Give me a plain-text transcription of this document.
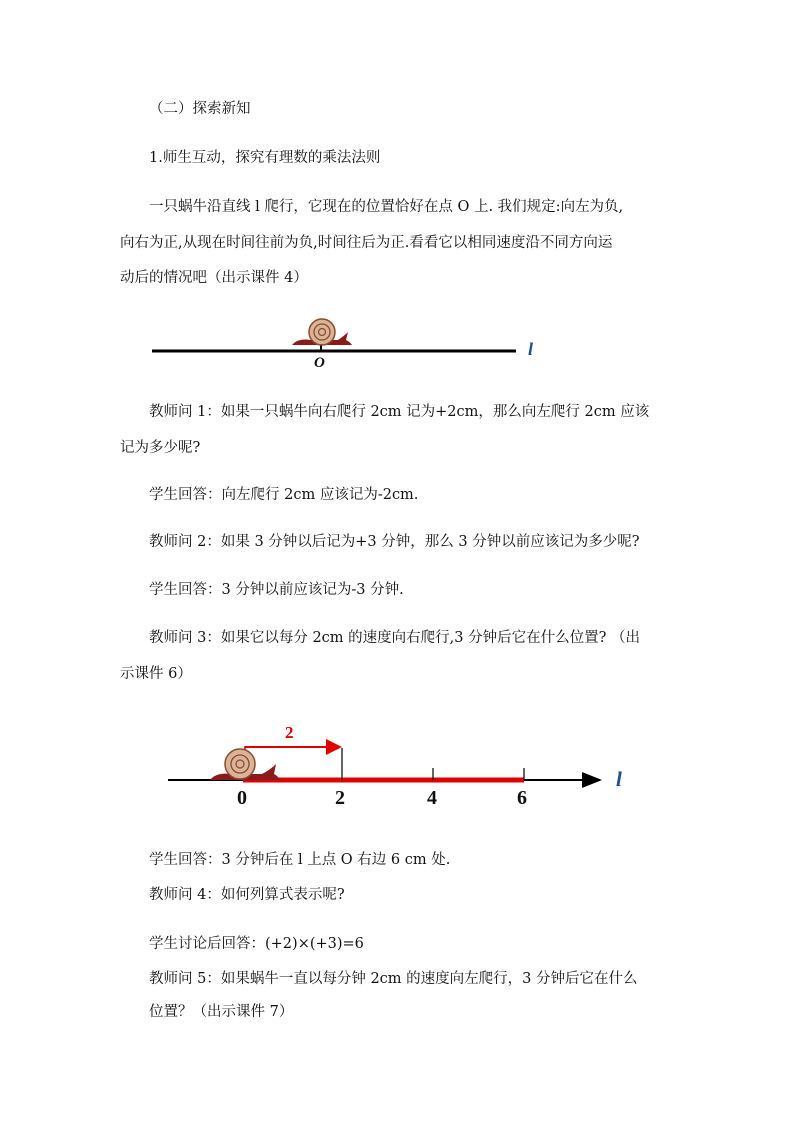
（二）探索新知
1.师生互动，探究有理数的乘法法则
一只蜗牛沿直线 l 爬行，它现在的位置恰好在点 O 上. 我们规定:向左为负,
向右为正,从现在时间往前为负,时间往后为正.看看它以相同速度沿不同方向运
动后的情况吧（出示课件 4）
O
l
教师问 1：如果一只蜗牛向右爬行 2cm 记为+2cm，那么向左爬行 2cm 应该
记为多少呢?
学生回答：向左爬行 2cm 应该记为-2cm.
教师问 2：如果 3 分钟以后记为+3 分钟，那么 3 分钟以前应该记为多少呢?
学生回答：3 分钟以前应该记为-3 分钟.
教师问 3：如果它以每分 2cm 的速度向右爬行,3 分钟后它在什么位置? （出
示课件 6）
2
0	2	4	6
l
学生回答：3 分钟后在 l 上点 O 右边 6 cm 处.
教师问 4：如何列算式表示呢?
学生讨论后回答：(+2)×(+3)=6
教师问 5：如果蜗牛一直以每分钟 2cm 的速度向左爬行，3 分钟后它在什么
位置？（出示课件 7）
